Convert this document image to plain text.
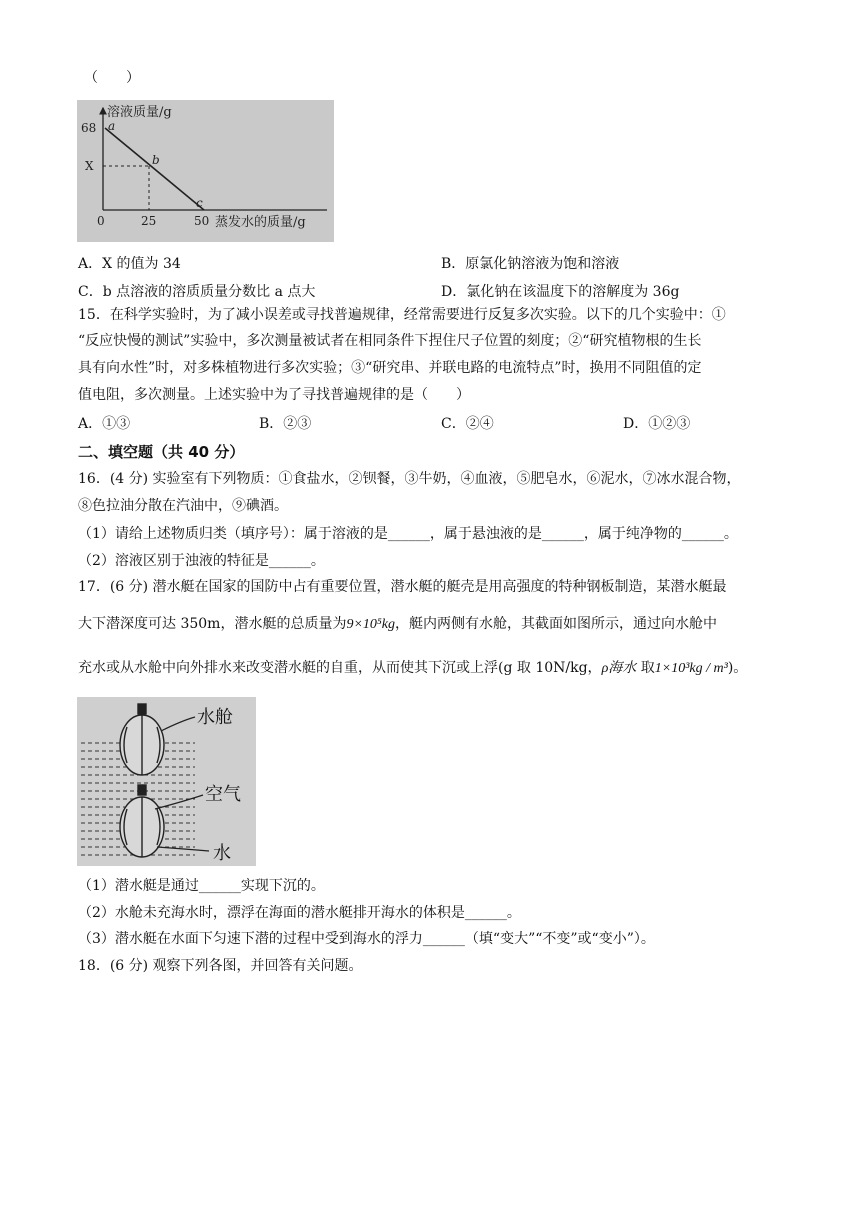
（　　）
溶液质量/g
68
X
a
b
c
0	25	50 蒸发水的质量/g
A．X 的值为 34	B．原氯化钠溶液为饱和溶液
C．b 点溶液的溶质质量分数比 a 点大	D．氯化钠在该温度下的溶解度为 36g
15．在科学实验时，为了减小误差或寻找普遍规律，经常需要进行反复多次实验。以下的几个实验中：①
“反应快慢的测试”实验中，多次测量被试者在相同条件下捏住尺子位置的刻度；②“研究植物根的生长
具有向水性”时，对多株植物进行多次实验；③“研究串、并联电路的电流特点”时，换用不同阻值的定
值电阻，多次测量。上述实验中为了寻找普遍规律的是（　　）
A．①③	B．②③	C．②④	D．①②③
二、填空题（共 40 分）
16．(4 分) 实验室有下列物质：①食盐水，②钡餐，③牛奶，④血液，⑤肥皂水，⑥泥水，⑦冰水混合物，
⑧色拉油分散在汽油中，⑨碘酒。
（1）请给上述物质归类（填序号）：属于溶液的是______，属于悬浊液的是______，属于纯净物的______。
（2）溶液区别于浊液的特征是______。
17．(6 分) 潜水艇在国家的国防中占有重要位置，潜水艇的艇壳是用高强度的特种钢板制造，某潜水艇最
大下潜深度可达 350m，潜水艇的总质量为9×10⁵kg，艇内两侧有水舱，其截面如图所示，通过向水舱中
充水或从水舱中向外排水来改变潜水艇的自重，从而使其下沉或上浮(g 取 10N/kg，ρ海水 取1×10³kg / m³)。
水舱
空气
水
（1）潜水艇是通过______实现下沉的。
（2）水舱未充海水时，漂浮在海面的潜水艇排开海水的体积是______。
（3）潜水艇在水面下匀速下潜的过程中受到海水的浮力______（填“变大”“不变”或“变小”）。
18．(6 分) 观察下列各图，并回答有关问题。
